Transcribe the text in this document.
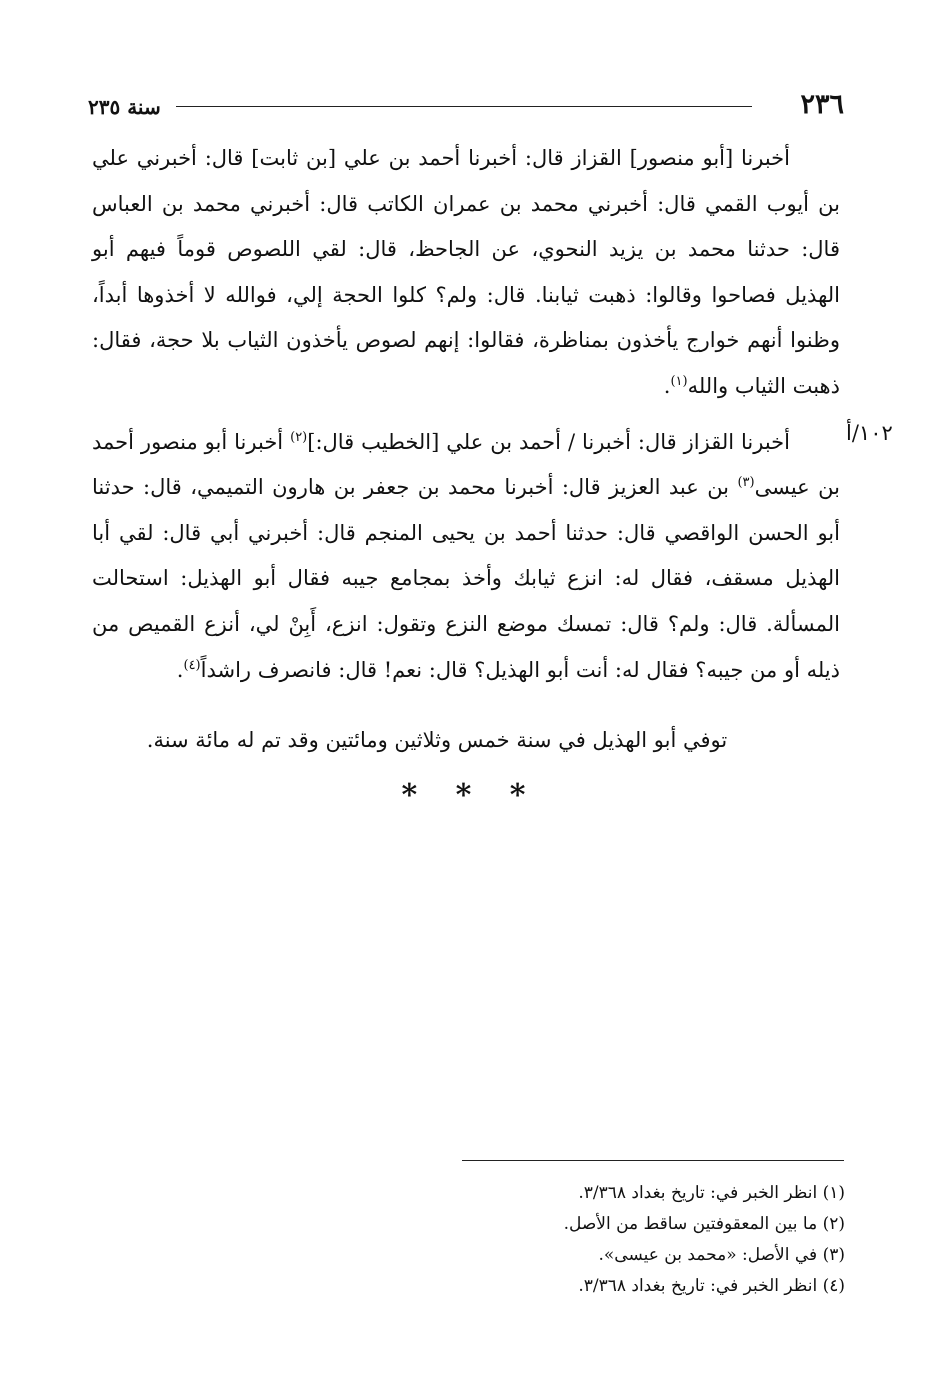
٢٣٦
سنة ٢٣٥
١٠٢/أ

أخبرنا [أبو منصور] القزاز قال: أخبرنا أحمد بن علي [بن ثابت] قال: أخبرني علي بن أيوب القمي قال: أخبرني محمد بن عمران الكاتب قال: أخبرني محمد بن العباس قال: حدثنا محمد بن يزيد النحوي، عن الجاحظ، قال: لقي اللصوص قوماً فيهم أبو الهذيل فصاحوا وقالوا: ذهبت ثيابنا. قال: ولم؟ كلوا الحجة إلي، فوالله لا أخذوها أبداً، وظنوا أنهم خوارج يأخذون بمناظرة، فقالوا: إنهم لصوص يأخذون الثياب بلا حجة، فقال: ذهبت الثياب والله$^{(١)}$.

أخبرنا القزاز قال: أخبرنا / أحمد بن علي [الخطيب قال:]$^{(٢)}$ أخبرنا أبو منصور أحمد بن عيسى$^{(٣)}$ بن عبد العزيز قال: أخبرنا محمد بن جعفر بن هارون التميمي، قال: حدثنا أبو الحسن الواقصي قال: حدثنا أحمد بن يحيى المنجم قال: أخبرني أبي قال: لقي أبا الهذيل مسقف، فقال له: انزع ثيابك وأخذ بمجامع جيبه فقال أبو الهذيل: استحالت المسألة. قال: ولم؟ قال: تمسك موضع النزع وتقول: انزع، أَبِنْ لي، أنزع القميص من ذيله أو من جيبه؟ فقال له: أنت أبو الهذيل؟ قال: نعم! قال: فانصرف راشداً$^{(٤)}$.

توفي أبو الهذيل في سنة خمس وثلاثين ومائتين وقد تم له مائة سنة.
* * *
(١) انظر الخبر في: تاريخ بغداد ٣/٣٦٨.
(٢) ما بين المعقوفتين ساقط من الأصل.
(٣) في الأصل: «محمد بن عيسى».
(٤) انظر الخبر في: تاريخ بغداد ٣/٣٦٨.
